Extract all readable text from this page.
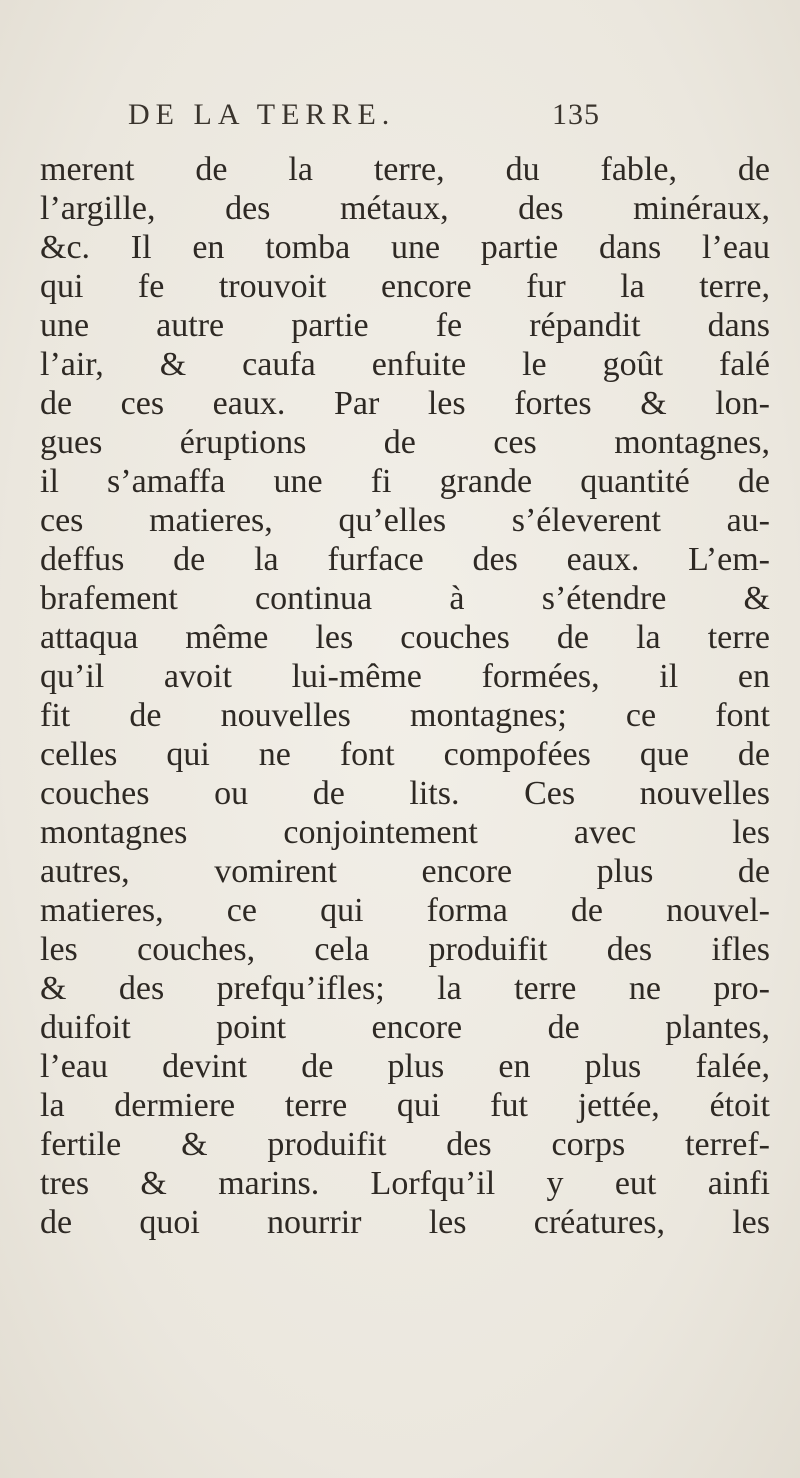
DE LA TERRE.	135
merent de la terre, du fable, de
l’argille, des métaux, des minéraux,
&c. Il en tomba une partie dans l’eau
qui fe trouvoit encore fur la terre,
une autre partie fe répandit dans
l’air, & caufa enfuite le goût falé
de ces eaux. Par les fortes & lon-
gues éruptions de ces montagnes,
il s’amaffa une fi grande quantité de
ces matieres, qu’elles s’éleverent au-
deffus de la furface des eaux. L’em-
brafement continua à s’étendre &
attaqua même les couches de la terre
qu’il avoit lui-même formées, il en
fit de nouvelles montagnes; ce font
celles qui ne font compofées que de
couches ou de lits. Ces nouvelles
montagnes conjointement avec les
autres, vomirent encore plus de
matieres, ce qui forma de nouvel-
les couches, cela produifit des ifles
& des prefqu’ifles; la terre ne pro-
duifoit point encore de plantes,
l’eau devint de plus en plus falée,
la dermiere terre qui fut jettée, étoit
fertile & produifit des corps terref-
tres & marins. Lorfqu’il y eut ainfi
de quoi nourrir les créatures, les
